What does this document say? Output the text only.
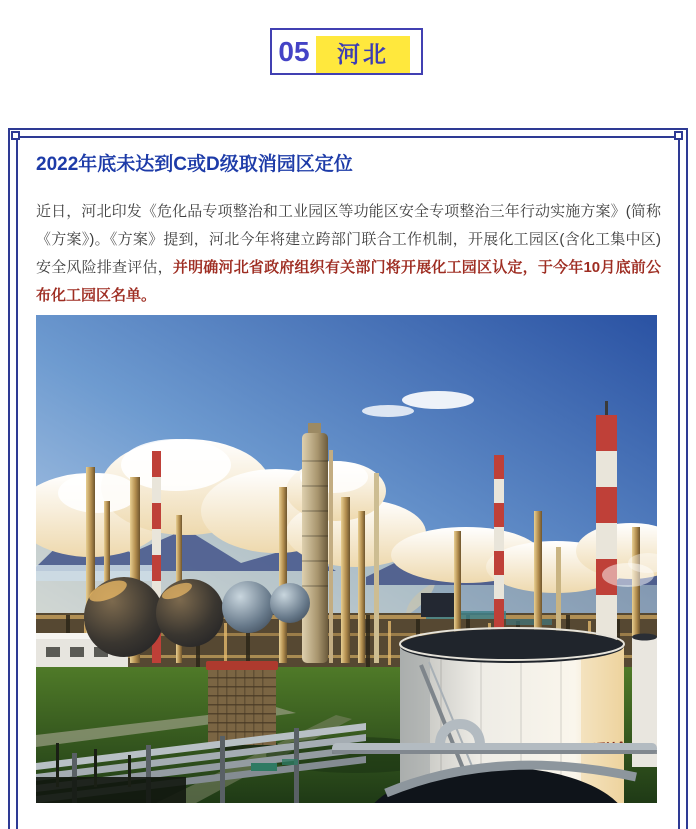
05	河北
2022年底未达到C或D级取消园区定位

近日，河北印发《危化品专项整治和工业园区等功能区安全专项整治三年行动实施方案》(简称《方案》)。《方案》提到，河北今年将建立跨部门联合工作机制，开展化工园区(含化工集中区)安全风险排查评估，并明确河北省政府组织有关部门将开展化工园区认定，于今年10月底前公布化工园区名单。
